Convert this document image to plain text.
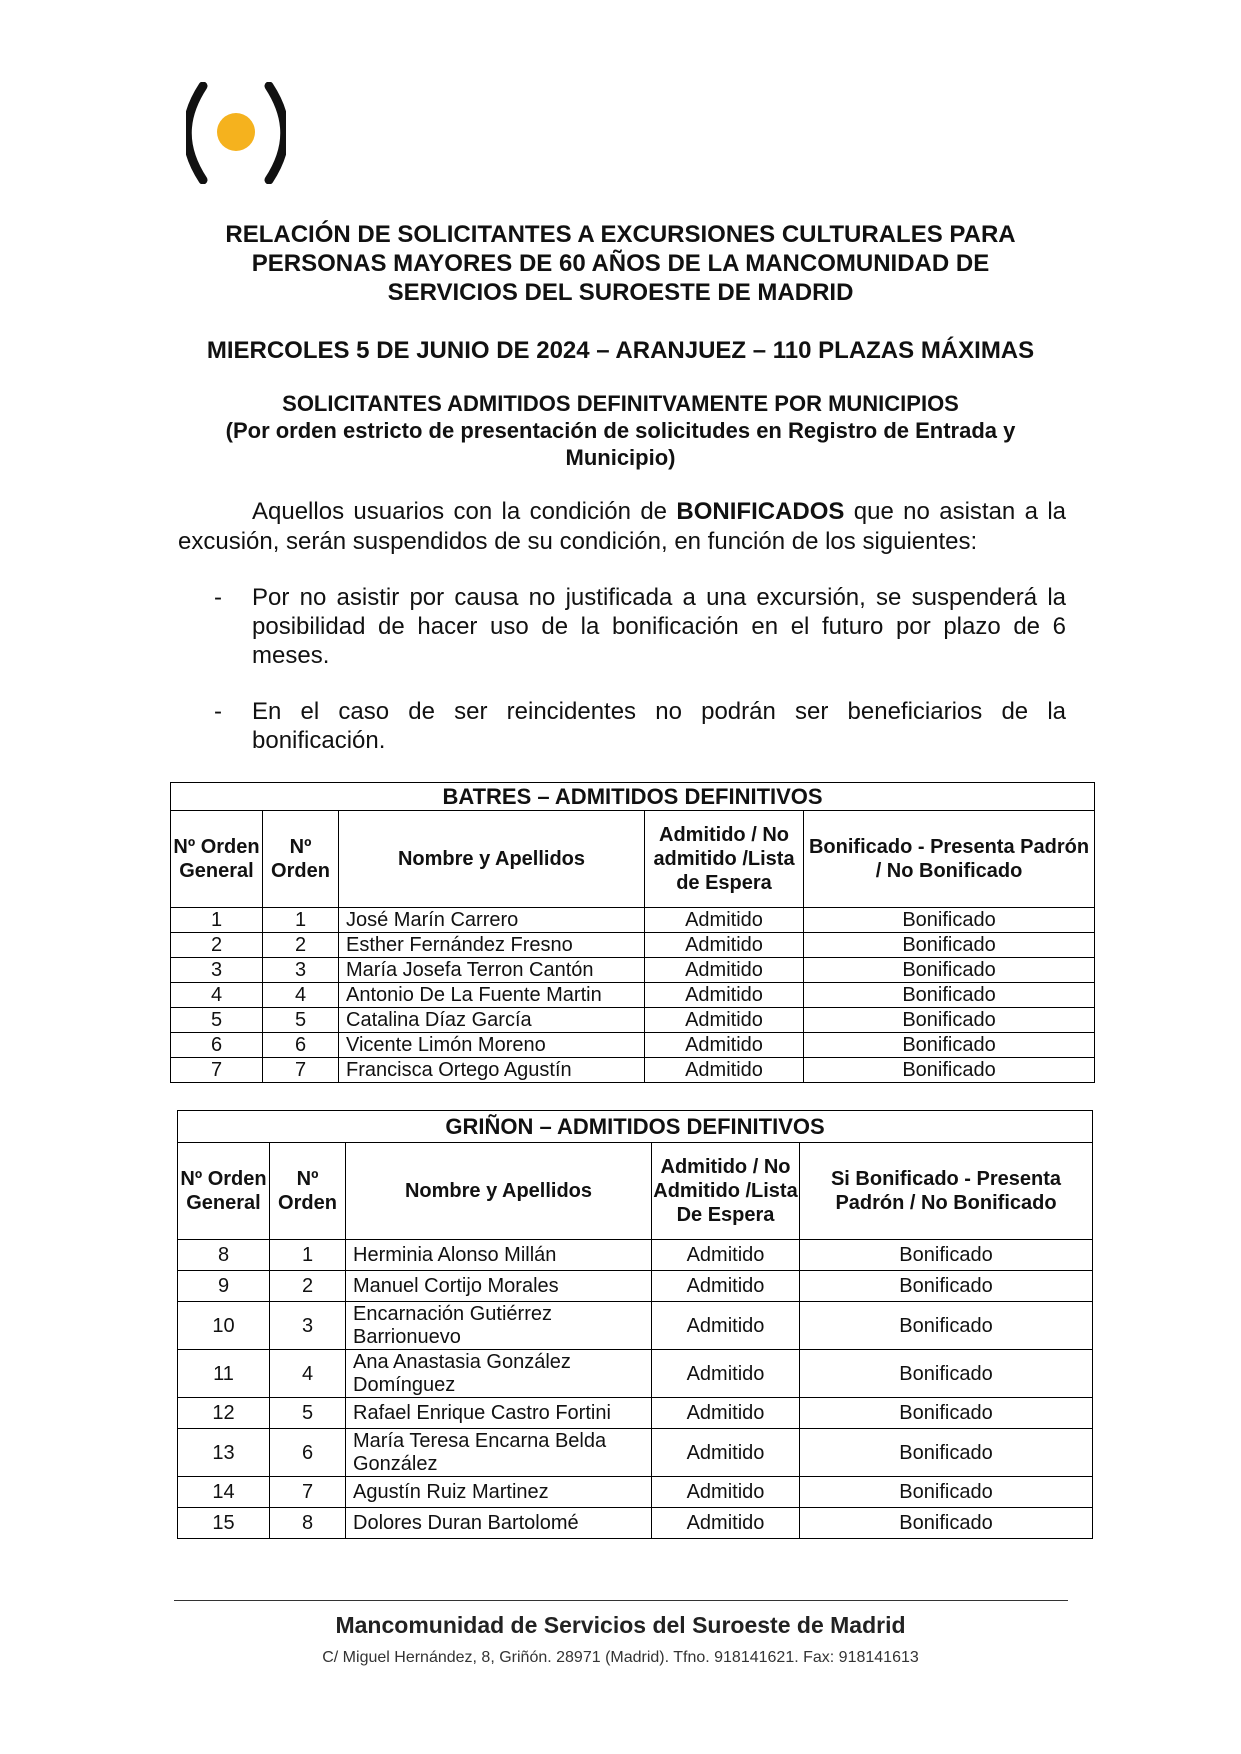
RELACIÓN DE SOLICITANTES A EXCURSIONES CULTURALES PARA
PERSONAS MAYORES DE 60 AÑOS DE LA MANCOMUNIDAD DE
SERVICIOS DEL SUROESTE DE MADRID
MIERCOLES 5 DE JUNIO DE 2024 – ARANJUEZ – 110 PLAZAS MÁXIMAS
SOLICITANTES ADMITIDOS DEFINITVAMENTE POR MUNICIPIOS
(Por orden estricto de presentación de solicitudes en Registro de Entrada y Municipio)
Aquellos usuarios con la condición de BONIFICADOS que no asistan a la excusión, serán suspendidos de su condición, en función de los siguientes:
- Por no asistir por causa no justificada a una excursión, se suspenderá la posibilidad de hacer uso de la bonificación en el futuro por plazo de 6 meses.
- En el caso de ser reincidentes no podrán ser beneficiarios de la bonificación.
BATRES – ADMITIDOS DEFINITIVOS				
Nº Orden General	Nº Orden	Nombre y Apellidos	Admitido / No admitido /Lista de Espera	Bonificado - Presenta Padrón / No Bonificado
1	1	José Marín Carrero	Admitido	Bonificado
2	2	Esther Fernández Fresno	Admitido	Bonificado
3	3	María Josefa Terron Cantón	Admitido	Bonificado
4	4	Antonio De La Fuente Martin	Admitido	Bonificado
5	5	Catalina Díaz García	Admitido	Bonificado
6	6	Vicente Limón Moreno	Admitido	Bonificado
7	7	Francisca Ortego Agustín	Admitido	Bonificado
GRIÑON – ADMITIDOS DEFINITIVOS				
Nº Orden General	Nº Orden	Nombre y Apellidos	Admitido / No Admitido /Lista De Espera	Si Bonificado - Presenta Padrón / No Bonificado
8	1	Herminia Alonso Millán	Admitido	Bonificado
9	2	Manuel Cortijo Morales	Admitido	Bonificado
10	3	Encarnación Gutiérrez Barrionuevo	Admitido	Bonificado
11	4	Ana Anastasia González Domínguez	Admitido	Bonificado
12	5	Rafael Enrique Castro Fortini	Admitido	Bonificado
13	6	María Teresa Encarna Belda González	Admitido	Bonificado
14	7	Agustín Ruiz Martinez	Admitido	Bonificado
15	8	Dolores Duran Bartolomé	Admitido	Bonificado
Mancomunidad de Servicios del Suroeste de Madrid
C/ Miguel Hernández, 8, Griñón. 28971 (Madrid). Tfno. 918141621. Fax: 918141613
